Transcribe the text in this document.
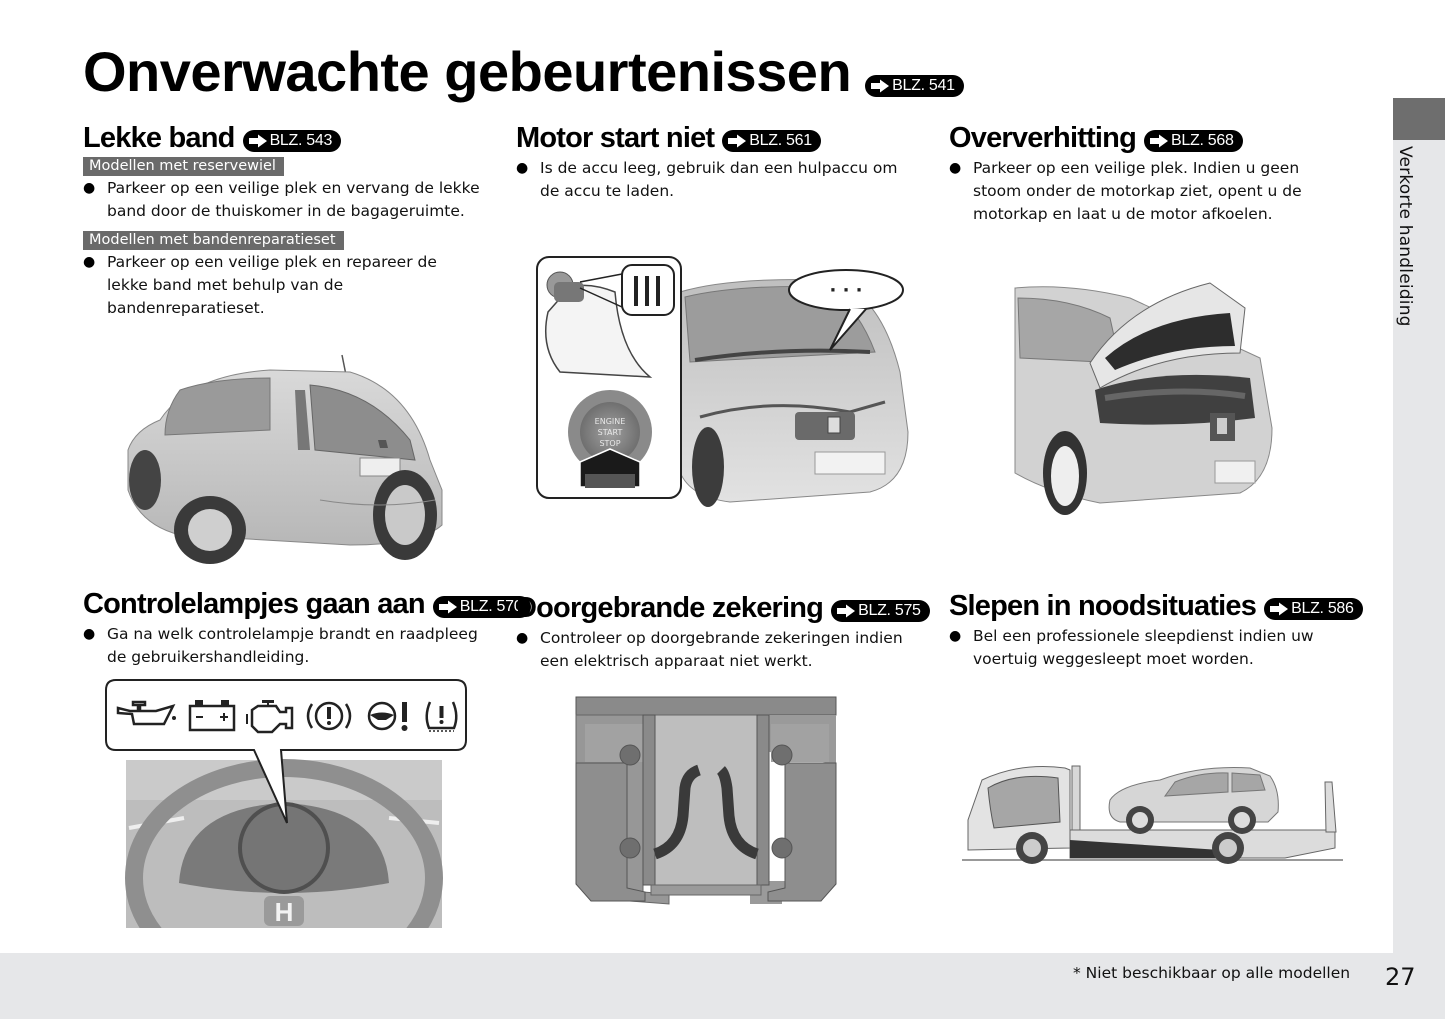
Onverwachte gebeurtenissen	BLZ. 541
Lekke band BLZ. 543
Modellen met reservewiel
● Parkeer op een veilige plek en vervang de lekke band door de thuiskomer in de bagageruimte.
Modellen met bandenreparatieset
● Parkeer op een veilige plek en repareer de lekke band met behulp van de bandenreparatieset.
Motor start niet BLZ. 561
● Is de accu leeg, gebruik dan een hulpaccu om de accu te laden.
· · ·
ENGINE
START
STOP
Oververhitting BLZ. 568
● Parkeer op een veilige plek. Indien u geen stoom onder de motorkap ziet, opent u de motorkap en laat u de motor afkoelen.
Controlelampjes gaan aan BLZ. 570
● Ga na welk controlelampje brandt en raadpleeg de gebruikershandleiding.
H
Doorgebrande zekering BLZ. 575
● Controleer op doorgebrande zekeringen indien een elektrisch apparaat niet werkt.
Slepen in noodsituaties BLZ. 586
● Bel een professionele sleepdienst indien uw voertuig weggesleept moet worden.
Verkorte handleiding
* Niet beschikbaar op alle modellen 27
